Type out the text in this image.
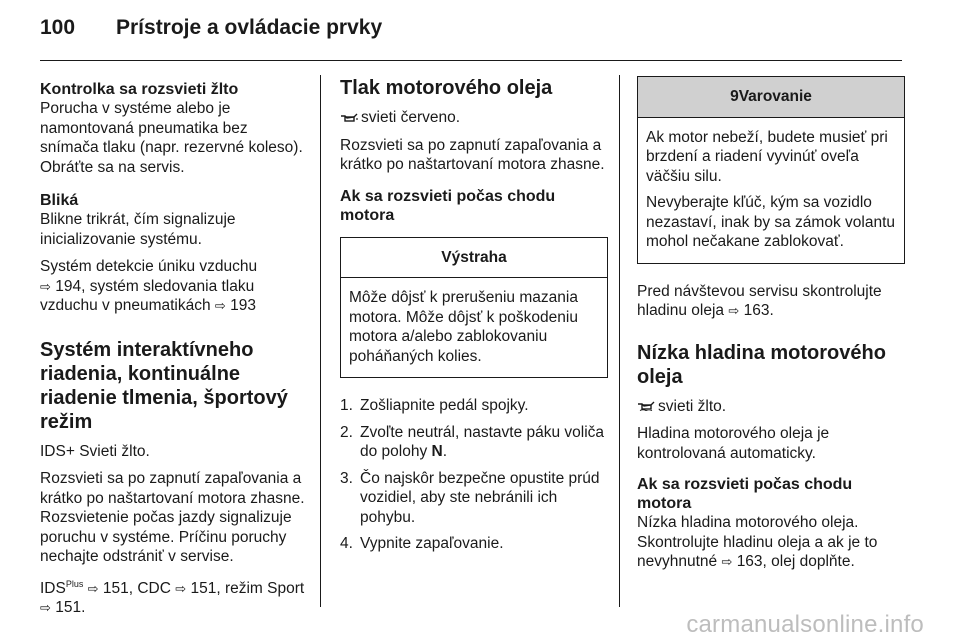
100 Prístroje a ovládacie prvky

Kontrolka sa rozsvieti žlto

Porucha v systéme alebo je namontovaná pneumatika bez snímača tlaku (napr. rezervné koleso). Obráťte sa na servis.

Bliká

Blikne trikrát, čím signalizuje inicializovanie systému.

Systém detekcie úniku vzduchu
⇨ 194, systém sledovania tlaku vzduchu v pneumatikách ⇨ 193

Systém interaktívneho riadenia, kontinuálne riadenie tlmenia, športový režim

IDS+ Svieti žlto.

Rozsvieti sa po zapnutí zapaľovania a krátko po naštartovaní motora zhasne. Rozsvietenie počas jazdy signalizuje poruchu v systéme. Príčinu poruchy nechajte odstrániť v servise.

$IDS^{Plus}$ ⇨ 151, CDC ⇨ 151, režim Sport ⇨ 151.

Tlak motorového oleja

svieti červeno.

Rozsvieti sa po zapnutí zapaľovania a krátko po naštartovaní motora zhasne.

Ak sa rozsvieti počas chodu motora

Výstraha

Môže dôjsť k prerušeniu mazania motora. Môže dôjsť k poškodeniu motora a/alebo zablokovaniu poháňaných kolies.

1. Zošliapnite pedál spojky.
2. Zvoľte neutrál, nastavte páku voliča do polohy N.
3. Čo najskôr bezpečne opustite prúd vozidiel, aby ste nebránili ich pohybu.
4. Vypnite zapaľovanie.
9Varovanie

Ak motor nebeží, budete musieť pri brzdení a riadení vyvinúť oveľa väčšiu silu.

Nevyberajte kľúč, kým sa vozidlo nezastaví, inak by sa zámok volantu mohol nečakane zablokovať.

Pred návštevou servisu skontrolujte hladinu oleja ⇨ 163.

Nízka hladina motorového oleja

svieti žlto.

Hladina motorového oleja je kontrolovaná automaticky.

Ak sa rozsvieti počas chodu motora

Nízka hladina motorového oleja. Skontrolujte hladinu oleja a ak je to nevyhnutné ⇨ 163, olej doplňte.

carmanualsonline.info
